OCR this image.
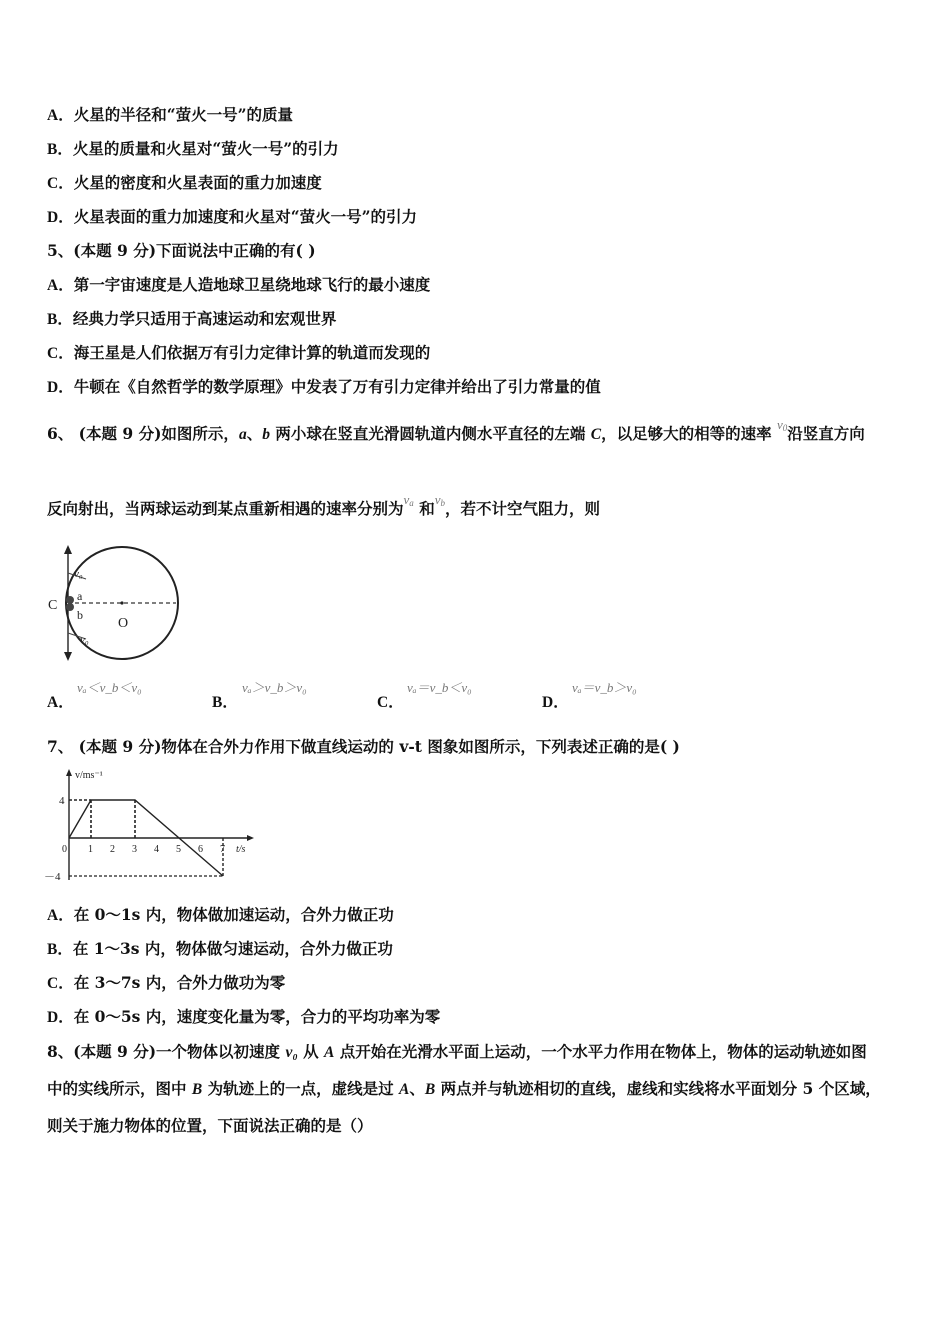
A．火星的半径和“萤火一号”的质量
B．火星的质量和火星对“萤火一号”的引力
C．火星的密度和火星表面的重力加速度
D．火星表面的重力加速度和火星对“萤火一号”的引力
5、(本题 9 分)下面说法中正确的有( )
A．第一宇宙速度是人造地球卫星绕地球飞行的最小速度
B．经典力学只适用于高速运动和宏观世界
C．海王星是人们依据万有引力定律计算的轨道而发现的
D．牛顿在《自然哲学的数学原理》中发表了万有引力定律并给出了引力常量的值
6、 (本题 9 分)如图所示，a、b 两小球在竖直光滑圆轨道内侧水平直径的左端 C，以足够大的相等的速率 $^{v_0}$沿竖直方向
反向射出，当两球运动到某点重新相遇的速率分别为$^{v_a}$ 和$^{v_b}$，若不计空气阻力，则
C
a
b
O
v₀
v₀
A．
vₐ＜v_b＜v₀
B．
vₐ＞v_b＞v₀
C．
vₐ＝v_b＜v₀
D．
vₐ＝v_b＞v₀
7、 (本题 9 分)物体在合外力作用下做直线运动的 v-t 图象如图所示，下列表述正确的是( )
v/ms⁻¹
t/s
4
－4
0 1 2 3 4 5 6 7
A．在 0～1s 内，物体做加速运动，合外力做正功
B．在 1～3s 内，物体做匀速运动，合外力做正功
C．在 3～7s 内，合外力做功为零
D．在 0～5s 内，速度变化量为零，合力的平均功率为零
8、(本题 9 分)一个物体以初速度 v₀ 从 A 点开始在光滑水平面上运动，一个水平力作用在物体上，物体的运动轨迹如图
中的实线所示，图中 B 为轨迹上的一点，虚线是过 A、B 两点并与轨迹相切的直线，虚线和实线将水平面划分 5 个区域，
则关于施力物体的位置，下面说法正确的是（）
